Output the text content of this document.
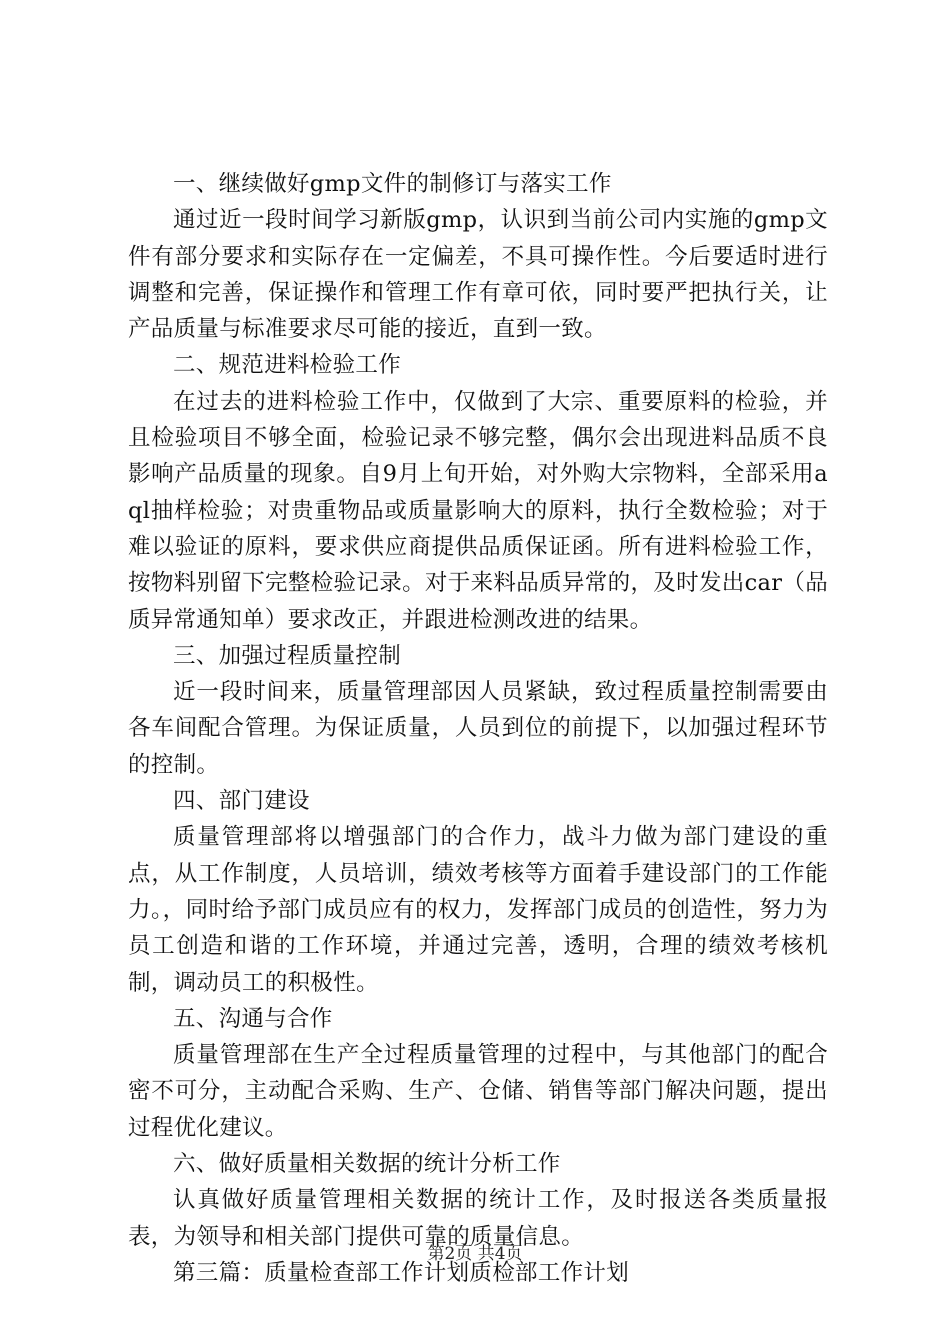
一、继续做好gmp文件的制修订与落实工作

通过近一段时间学习新版gmp，认识到当前公司内实施的gmp文件有部分要求和实际存在一定偏差，不具可操作性。今后要适时进行调整和完善，保证操作和管理工作有章可依，同时要严把执行关，让产品质量与标准要求尽可能的接近，直到一致。

二、规范进料检验工作

在过去的进料检验工作中，仅做到了大宗、重要原料的检验，并且检验项目不够全面，检验记录不够完整，偶尔会出现进料品质不良影响产品质量的现象。自9月上旬开始，对外购大宗物料，全部采用aql抽样检验；对贵重物品或质量影响大的原料，执行全数检验；对于难以验证的原料，要求供应商提供品质保证函。所有进料检验工作，按物料别留下完整检验记录。对于来料品质异常的，及时发出car（品质异常通知单）要求改正，并跟进检测改进的结果。

三、加强过程质量控制

近一段时间来，质量管理部因人员紧缺，致过程质量控制需要由各车间配合管理。为保证质量，人员到位的前提下，以加强过程环节的控制。

四、部门建设

质量管理部将以增强部门的合作力，战斗力做为部门建设的重点，从工作制度，人员培训，绩效考核等方面着手建设部门的工作能力。，同时给予部门成员应有的权力，发挥部门成员的创造性，努力为员工创造和谐的工作环境，并通过完善，透明，合理的绩效考核机制，调动员工的积极性。

五、沟通与合作

质量管理部在生产全过程质量管理的过程中，与其他部门的配合密不可分，主动配合采购、生产、仓储、销售等部门解决问题，提出过程优化建议。

六、做好质量相关数据的统计分析工作

认真做好质量管理相关数据的统计工作，及时报送各类质量报表，为领导和相关部门提供可靠的质量信息。

第三篇：质量检查部工作计划质检部工作计划

第2页 共4页
